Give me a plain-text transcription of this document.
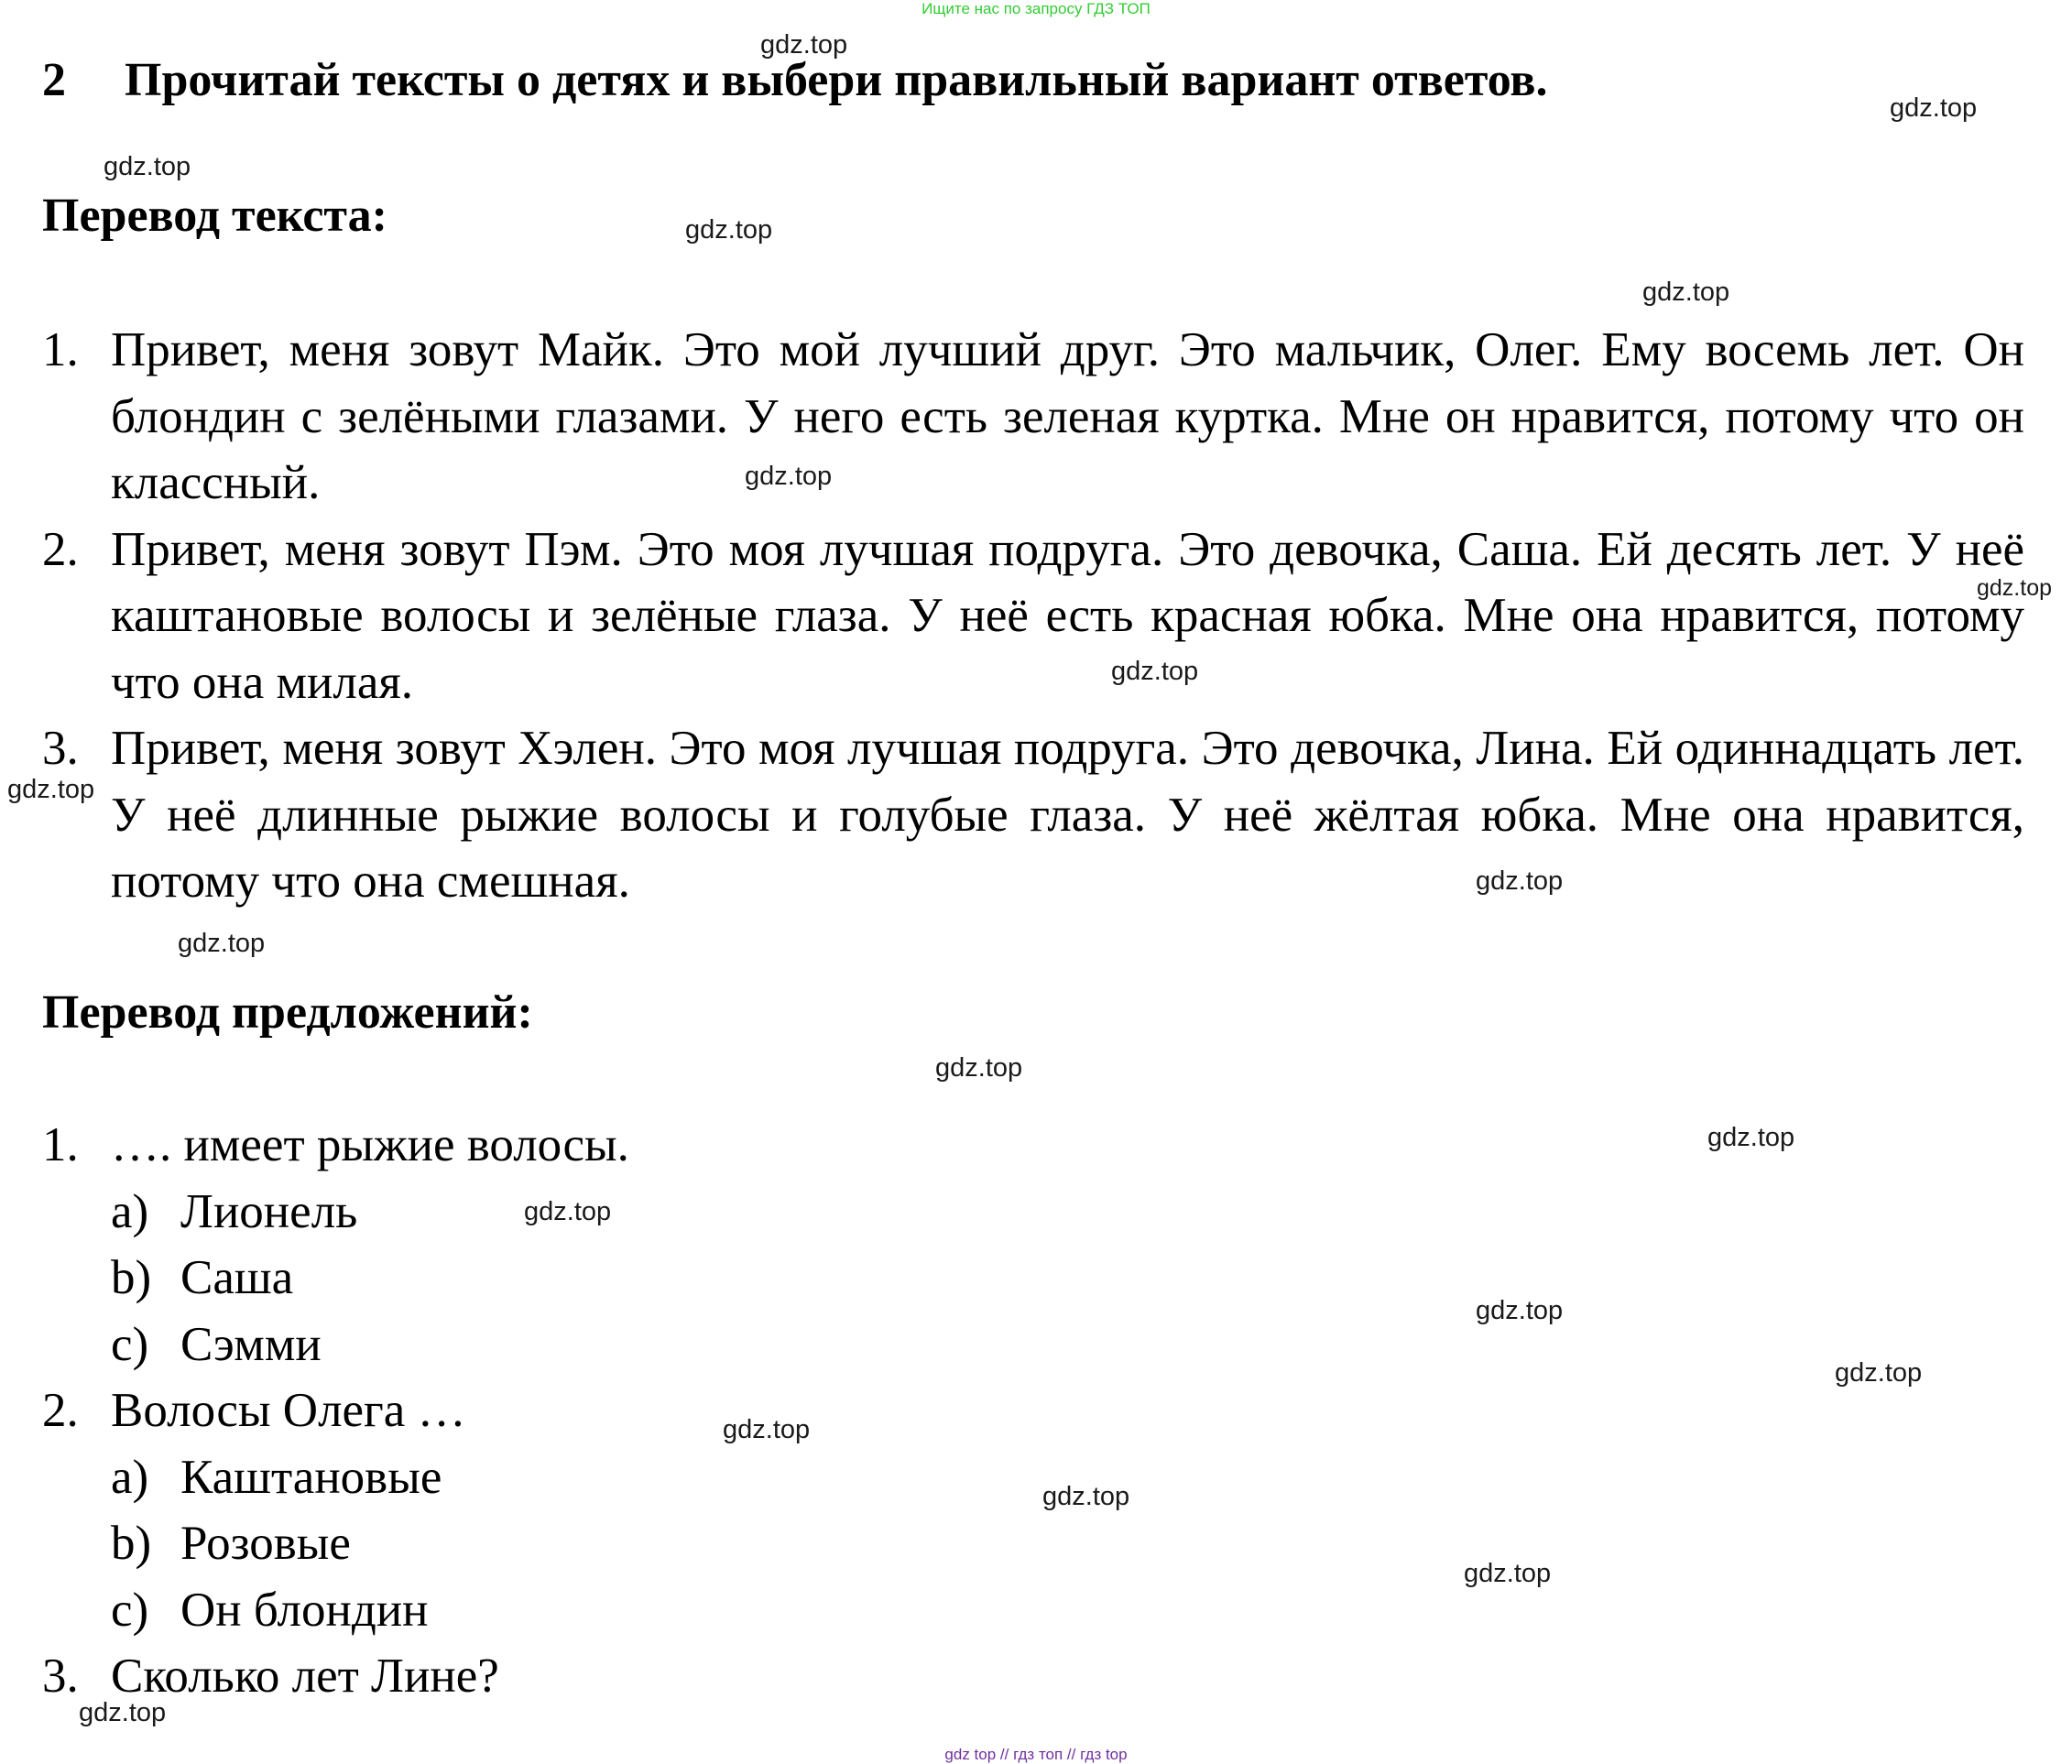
Ищите нас по запросу ГДЗ ТОП
2 Прочитай тексты о детях и выбери правильный вариант ответов.
Перевод текста:
1. Привет, меня зовут Майк. Это мой лучший друг. Это мальчик, Олег. Ему восемь лет. Он блондин с зелёными глазами. У него есть зеленая куртка. Мне он нравится, потому что он классный.
2. Привет, меня зовут Пэм. Это моя лучшая подруга. Это девочка, Саша. Ей десять лет. У неё каштановые волосы и зелёные глаза. У неё есть красная юбка. Мне она нравится, потому что она милая.
3. Привет, меня зовут Хэлен. Это моя лучшая подруга. Это девочка, Лина. Ей одиннадцать лет. У неё длинные рыжие волосы и голубые глаза. У неё жёлтая юбка. Мне она нравится, потому что она смешная.
Перевод предложений:
1. …. имеет рыжие волосы.
a) Лионель
b) Саша
c) Сэмми
2. Волосы Олега …
a) Каштановые
b) Розовые
c) Он блондин
3. Сколько лет Лине?
gdz.top
gdz.top
gdz.top
gdz.top
gdz.top
gdz.top
gdz.top
gdz.top
gdz.top
gdz.top
gdz.top
gdz.top
gdz.top
gdz.top
gdz.top
gdz.top
gdz.top
gdz.top
gdz.top
gdz.top
gdz top // гдз топ // гдз top
